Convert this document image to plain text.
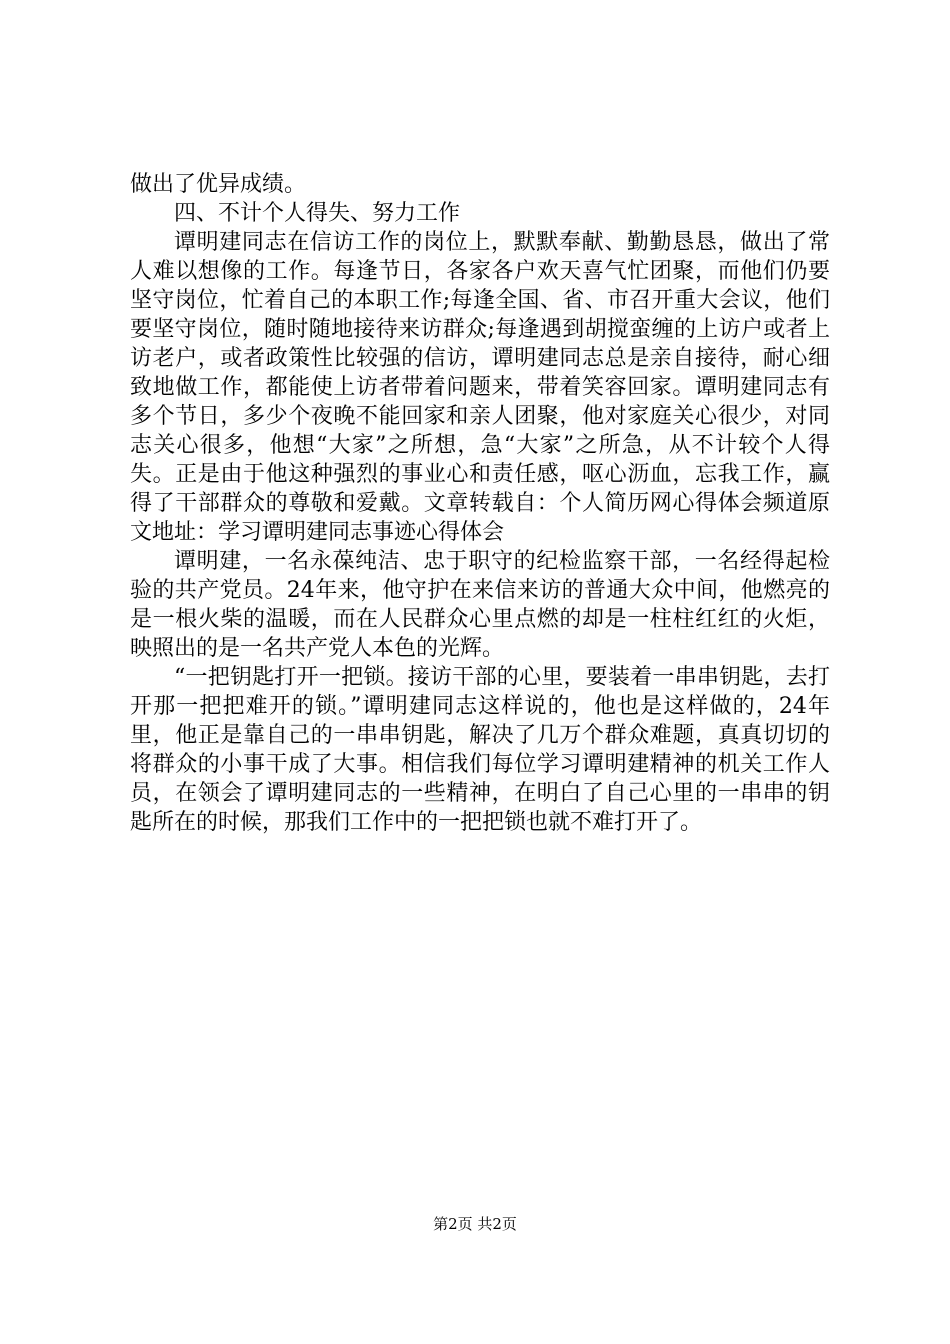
做出了优异成绩。

四、不计个人得失、努力工作

谭明建同志在信访工作的岗位上，默默奉献、勤勤恳恳，做出了常人难以想像的工作。每逢节日，各家各户欢天喜气忙团聚，而他们仍要坚守岗位，忙着自己的本职工作;每逢全国、省、市召开重大会议，他们要坚守岗位，随时随地接待来访群众;每逢遇到胡搅蛮缠的上访户或者上访老户，或者政策性比较强的信访，谭明建同志总是亲自接待，耐心细致地做工作，都能使上访者带着问题来，带着笑容回家。谭明建同志有多个节日，多少个夜晚不能回家和亲人团聚，他对家庭关心很少，对同志关心很多，他想“大家”之所想，急“大家”之所急，从不计较个人得失。正是由于他这种强烈的事业心和责任感，呕心沥血，忘我工作，赢得了干部群众的尊敬和爱戴。文章转载自：个人简历网心得体会频道原文地址：学习谭明建同志事迹心得体会

谭明建，一名永葆纯洁、忠于职守的纪检监察干部，一名经得起检验的共产党员。24年来，他守护在来信来访的普通大众中间，他燃亮的是一根火柴的温暖，而在人民群众心里点燃的却是一柱柱红红的火炬，映照出的是一名共产党人本色的光辉。

“一把钥匙打开一把锁。接访干部的心里，要装着一串串钥匙，去打开那一把把难开的锁。”谭明建同志这样说的，他也是这样做的，24年里，他正是靠自己的一串串钥匙，解决了几万个群众难题，真真切切的将群众的小事干成了大事。相信我们每位学习谭明建精神的机关工作人员，在领会了谭明建同志的一些精神，在明白了自己心里的一串串的钥匙所在的时候，那我们工作中的一把把锁也就不难打开了。

第2页 共2页
